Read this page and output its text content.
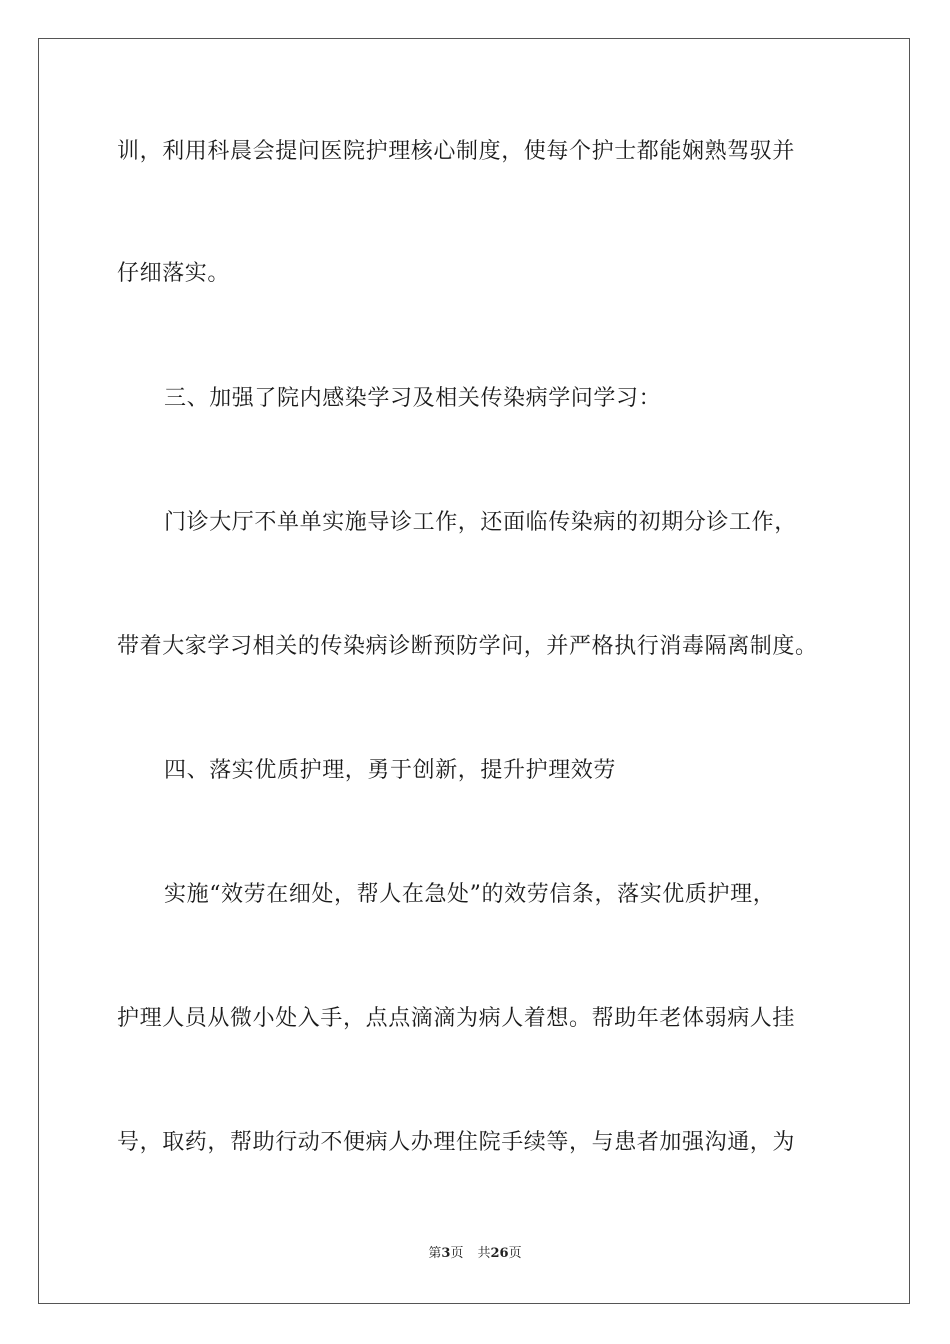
训，利用科晨会提问医院护理核心制度，使每个护士都能娴熟驾驭并
仔细落实。
三、加强了院内感染学习及相关传染病学问学习：
门诊大厅不单单实施导诊工作，还面临传染病的初期分诊工作，
带着大家学习相关的传染病诊断预防学问，并严格执行消毒隔离制度。
四、落实优质护理，勇于创新，提升护理效劳
实施“效劳在细处，帮人在急处”的效劳信条，落实优质护理，
护理人员从微小处入手，点点滴滴为病人着想。帮助年老体弱病人挂
号，取药，帮助行动不便病人办理住院手续等，与患者加强沟通，为
第3页 共26页
